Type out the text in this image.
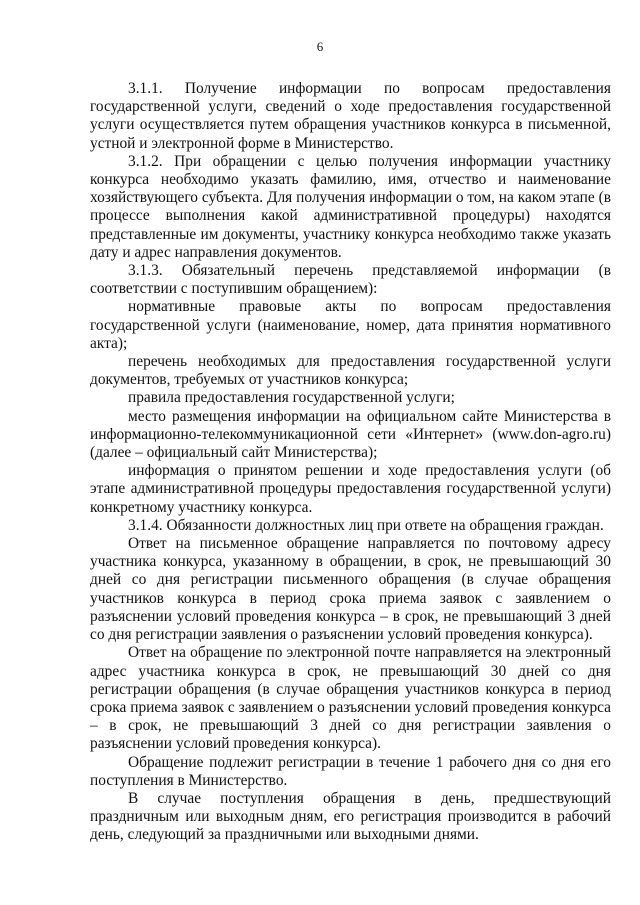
6

3.1.1. Получение информации по вопросам предоставления государственной услуги, сведений о ходе предоставления государственной услуги осуществляется путем обращения участников конкурса в письменной, устной и электронной форме в Министерство.

3.1.2. При обращении с целью получения информации участнику конкурса необходимо указать фамилию, имя, отчество и наименование хозяйствующего субъекта. Для получения информации о том, на каком этапе (в процессе выполнения какой административной процедуры) находятся представленные им документы, участнику конкурса необходимо также указать дату и адрес направления документов.

3.1.3. Обязательный перечень представляемой информации (в соответствии с поступившим обращением):

нормативные правовые акты по вопросам предоставления государственной услуги (наименование, номер, дата принятия нормативного акта);

перечень необходимых для предоставления государственной услуги документов, требуемых от участников конкурса;

правила предоставления государственной услуги;

место размещения информации на официальном сайте Министерства в информационно-телекоммуникационной сети «Интернет» (www.don-agro.ru) (далее – официальный сайт Министерства);

информация о принятом решении и ходе предоставления услуги (об этапе административной процедуры предоставления государственной услуги) конкретному участнику конкурса.

3.1.4. Обязанности должностных лиц при ответе на обращения граждан.

Ответ на письменное обращение направляется по почтовому адресу участника конкурса, указанному в обращении, в срок, не превышающий 30 дней со дня регистрации письменного обращения (в случае обращения участников конкурса в период срока приема заявок с заявлением о разъяснении условий проведения конкурса – в срок, не превышающий 3 дней со дня регистрации заявления о разъяснении условий проведения конкурса).

Ответ на обращение по электронной почте направляется на электронный адрес участника конкурса в срок, не превышающий 30 дней со дня регистрации обращения (в случае обращения участников конкурса в период срока приема заявок с заявлением о разъяснении условий проведения конкурса – в срок, не превышающий 3 дней со дня регистрации заявления о разъяснении условий проведения конкурса).

Обращение подлежит регистрации в течение 1 рабочего дня со дня его поступления в Министерство.

В случае поступления обращения в день, предшествующий праздничным или выходным дням, его регистрация производится в рабочий день, следующий за праздничными или выходными днями.
